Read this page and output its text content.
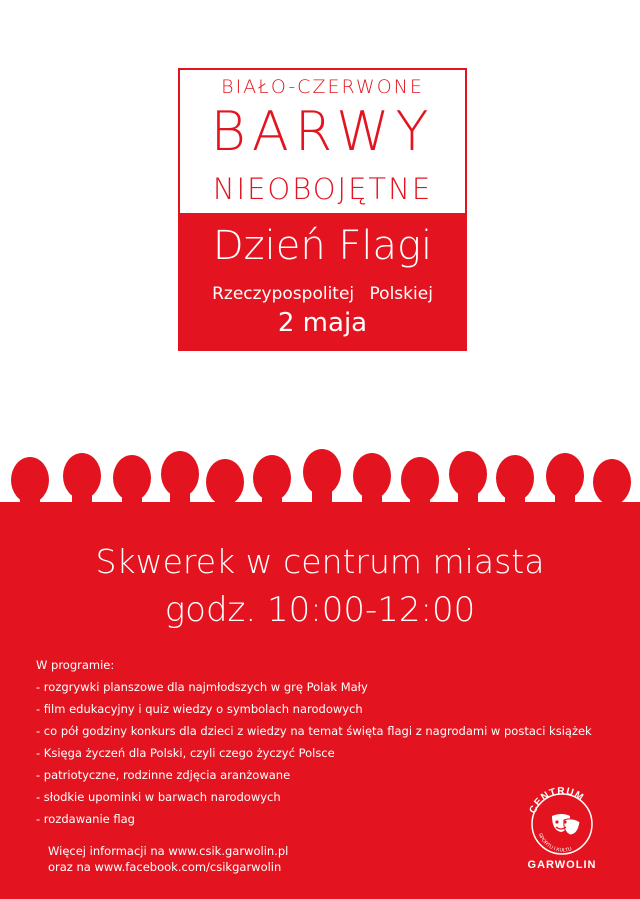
BIAŁO-CZERWONE
BARWY
NIEOBOJĘTNE
Dzień Flagi
Rzeczypospolitej Polskiej
2 maja
Skwerek w centrum miasta
godz. 10:00-12:00
W programie:
- rozgrywki planszowe dla najmłodszych w grę Polak Mały
- film edukacyjny i quiz wiedzy o symbolach narodowych
- co pół godziny konkurs dla dzieci z wiedzy na temat święta flagi z nagrodami w postaci książek
- Księga życzeń dla Polski, czyli czego życzyć Polsce
- patriotyczne, rodzinne zdjęcia aranżowane
- słodkie upominki w barwach narodowych
- rozdawanie flag
Więcej informacji na www.csik.garwolin.pl
oraz na www.facebook.com/csikgarwolin
CENTRUM
SPORTU I KULTU
GARWOLIN
